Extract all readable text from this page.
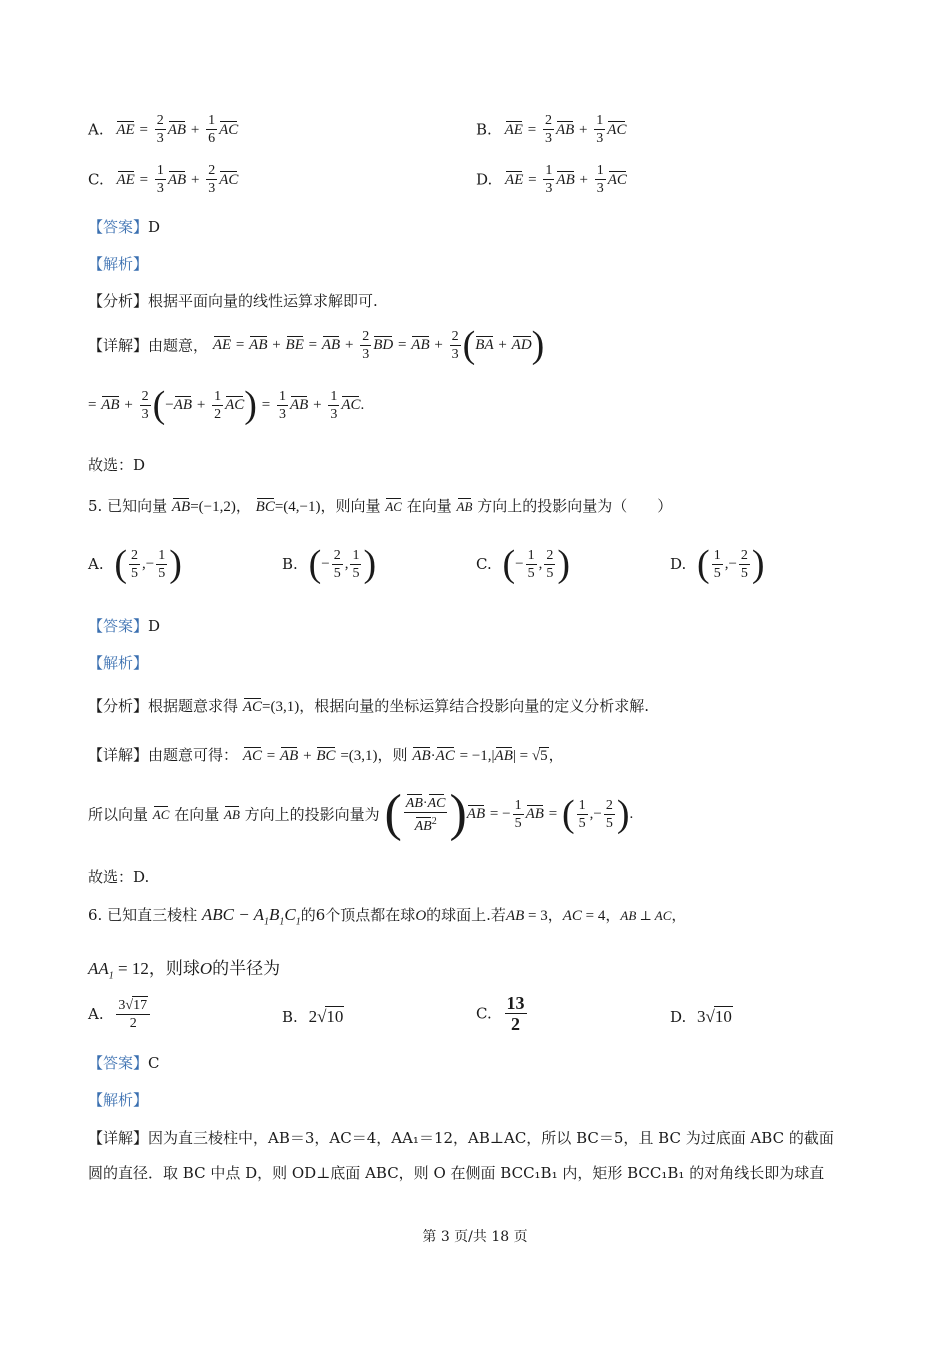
A. AE = $\frac{2}{3}$ AB + $\frac{1}{6}$ AC	B. AE = $\frac{2}{3}$ AB + $\frac{1}{3}$ AC
C. AE = $\frac{1}{3}$ AB + $\frac{2}{3}$ AC	D. AE = $\frac{1}{3}$ AB + $\frac{1}{3}$ AC
【答案】D
【解析】
【分析】根据平面向量的线性运算求解即可.
【详解】由题意， AE = AB + BE = AB + $\frac{2}{3}$ BD = AB + $\frac{2}{3} (BA + AD)$
= AB + $\frac{2}{3} (-AB + \frac{1}{2} AC) = \frac{1}{3}$ AB + $\frac{1}{3}$ AC.
故选：D
5. 已知向量 AB=(−1,2)， BC=(4,−1)，则向量 AC 在向量 AB 方向上的投影向量为（　　）
A. ( $\frac{2}{5}$ ,− $\frac{1}{5}$ )	B. (− $\frac{2}{5}$ , $\frac{1}{5}$ )	C. (− $\frac{1}{5}$ , $\frac{2}{5}$ )	D. ( $\frac{1}{5}$ ,− $\frac{2}{5}$ )
【答案】D
【解析】
【分析】根据题意求得 AC=(3,1)，根据向量的坐标运算结合投影向量的定义分析求解.
【详解】由题意可得： AC = AB + BC =(3,1)，则 AB·AC = −1,|AB| = √5，
所以向量 AC 在向量 AB 方向上的投影向量为 ( $\frac{AB\cdot AC}{AB^2} )AB$ = − $\frac{1}{5}$ AB = ( $\frac{1}{5}$ ,− $\frac{2}{5}$ ).
故选：D.
6. 已知直三棱柱 ABC − $A_1B_1C_1$的6个顶点都在球O的球面上.若AB = 3，AC = 4，AB ⊥ AC，
$AA_1 = 12$，则球O的半径为
A. $\frac{3√17}{2}$	B. 2√10	C. $\frac{13}{2}$	D. 3√10
【答案】C
【解析】
【详解】因为直三棱柱中，AB＝3，AC＝4，AA₁＝12，AB⊥AC，所以 BC＝5，且 BC 为过底面 ABC 的截面
圆的直径．取 BC 中点 D，则 OD⊥底面 ABC，则 O 在侧面 BCC₁B₁ 内，矩形 BCC₁B₁ 的对角线长即为球直
第 3 页/共 18 页
